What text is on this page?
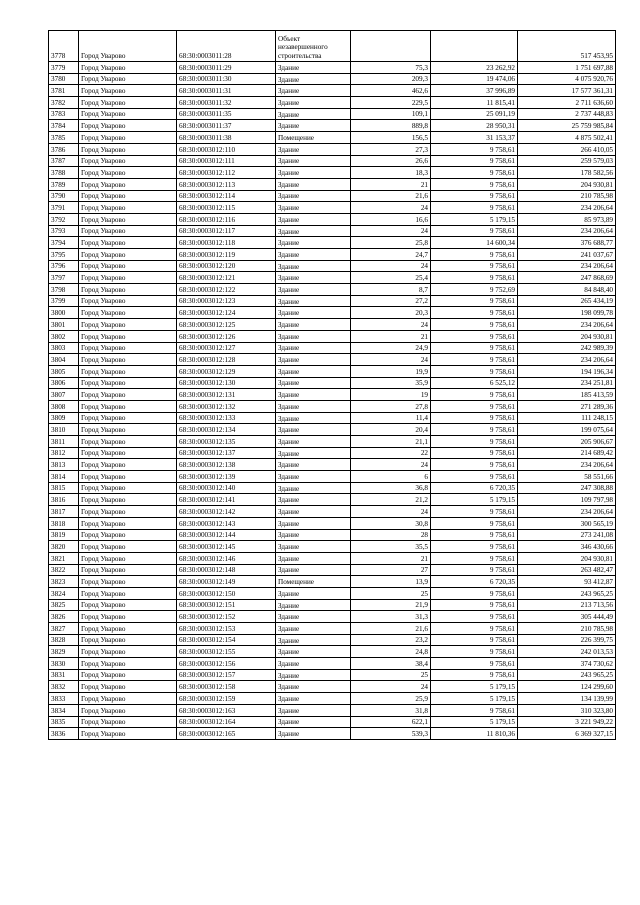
3778	Город Уварово	68:30:0003011:28	Объект незавершенного строительства			517 453,95
3779	Город Уварово	68:30:0003011:29	Здание	75,3	23 262,92	1 751 697,88
3780	Город Уварово	68:30:0003011:30	Здание	209,3	19 474,06	4 075 920,76
3781	Город Уварово	68:30:0003011:31	Здание	462,6	37 996,89	17 577 361,31
3782	Город Уварово	68:30:0003011:32	Здание	229,5	11 815,41	2 711 636,60
3783	Город Уварово	68:30:0003011:35	Здание	109,1	25 091,19	2 737 448,83
3784	Город Уварово	68:30:0003011:37	Здание	889,8	28 950,31	25 759 985,84
3785	Город Уварово	68:30:0003011:38	Помещение	156,5	31 153,37	4 875 502,41
3786	Город Уварово	68:30:0003012:110	Здание	27,3	9 758,61	266 410,05
3787	Город Уварово	68:30:0003012:111	Здание	26,6	9 758,61	259 579,03
3788	Город Уварово	68:30:0003012:112	Здание	18,3	9 758,61	178 582,56
3789	Город Уварово	68:30:0003012:113	Здание	21	9 758,61	204 930,81
3790	Город Уварово	68:30:0003012:114	Здание	21,6	9 758,61	210 785,98
3791	Город Уварово	68:30:0003012:115	Здание	24	9 758,61	234 206,64
3792	Город Уварово	68:30:0003012:116	Здание	16,6	5 179,15	85 973,89
3793	Город Уварово	68:30:0003012:117	Здание	24	9 758,61	234 206,64
3794	Город Уварово	68:30:0003012:118	Здание	25,8	14 600,34	376 688,77
3795	Город Уварово	68:30:0003012:119	Здание	24,7	9 758,61	241 037,67
3796	Город Уварово	68:30:0003012:120	Здание	24	9 758,61	234 206,64
3797	Город Уварово	68:30:0003012:121	Здание	25,4	9 758,61	247 868,69
3798	Город Уварово	68:30:0003012:122	Здание	8,7	9 752,69	84 848,40
3799	Город Уварово	68:30:0003012:123	Здание	27,2	9 758,61	265 434,19
3800	Город Уварово	68:30:0003012:124	Здание	20,3	9 758,61	198 099,78
3801	Город Уварово	68:30:0003012:125	Здание	24	9 758,61	234 206,64
3802	Город Уварово	68:30:0003012:126	Здание	21	9 758,61	204 930,81
3803	Город Уварово	68:30:0003012:127	Здание	24,9	9 758,61	242 989,39
3804	Город Уварово	68:30:0003012:128	Здание	24	9 758,61	234 206,64
3805	Город Уварово	68:30:0003012:129	Здание	19,9	9 758,61	194 196,34
3806	Город Уварово	68:30:0003012:130	Здание	35,9	6 525,12	234 251,81
3807	Город Уварово	68:30:0003012:131	Здание	19	9 758,61	185 413,59
3808	Город Уварово	68:30:0003012:132	Здание	27,8	9 758,61	271 289,36
3809	Город Уварово	68:30:0003012:133	Здание	11,4	9 758,61	111 248,15
3810	Город Уварово	68:30:0003012:134	Здание	20,4	9 758,61	199 075,64
3811	Город Уварово	68:30:0003012:135	Здание	21,1	9 758,61	205 906,67
3812	Город Уварово	68:30:0003012:137	Здание	22	9 758,61	214 689,42
3813	Город Уварово	68:30:0003012:138	Здание	24	9 758,61	234 206,64
3814	Город Уварово	68:30:0003012:139	Здание	6	9 758,61	58 551,66
3815	Город Уварово	68:30:0003012:140	Здание	36,8	6 720,35	247 308,88
3816	Город Уварово	68:30:0003012:141	Здание	21,2	5 179,15	109 797,98
3817	Город Уварово	68:30:0003012:142	Здание	24	9 758,61	234 206,64
3818	Город Уварово	68:30:0003012:143	Здание	30,8	9 758,61	300 565,19
3819	Город Уварово	68:30:0003012:144	Здание	28	9 758,61	273 241,08
3820	Город Уварово	68:30:0003012:145	Здание	35,5	9 758,61	346 430,66
3821	Город Уварово	68:30:0003012:146	Здание	21	9 758,61	204 930,81
3822	Город Уварово	68:30:0003012:148	Здание	27	9 758,61	263 482,47
3823	Город Уварово	68:30:0003012:149	Помещение	13,9	6 720,35	93 412,87
3824	Город Уварово	68:30:0003012:150	Здание	25	9 758,61	243 965,25
3825	Город Уварово	68:30:0003012:151	Здание	21,9	9 758,61	213 713,56
3826	Город Уварово	68:30:0003012:152	Здание	31,3	9 758,61	305 444,49
3827	Город Уварово	68:30:0003012:153	Здание	21,6	9 758,61	210 785,98
3828	Город Уварово	68:30:0003012:154	Здание	23,2	9 758,61	226 399,75
3829	Город Уварово	68:30:0003012:155	Здание	24,8	9 758,61	242 013,53
3830	Город Уварово	68:30:0003012:156	Здание	38,4	9 758,61	374 730,62
3831	Город Уварово	68:30:0003012:157	Здание	25	9 758,61	243 965,25
3832	Город Уварово	68:30:0003012:158	Здание	24	5 179,15	124 299,60
3833	Город Уварово	68:30:0003012:159	Здание	25,9	5 179,15	134 139,99
3834	Город Уварово	68:30:0003012:163	Здание	31,8	9 758,61	310 323,80
3835	Город Уварово	68:30:0003012:164	Здание	622,1	5 179,15	3 221 949,22
3836	Город Уварово	68:30:0003012:165	Здание	539,3	11 810,36	6 369 327,15
